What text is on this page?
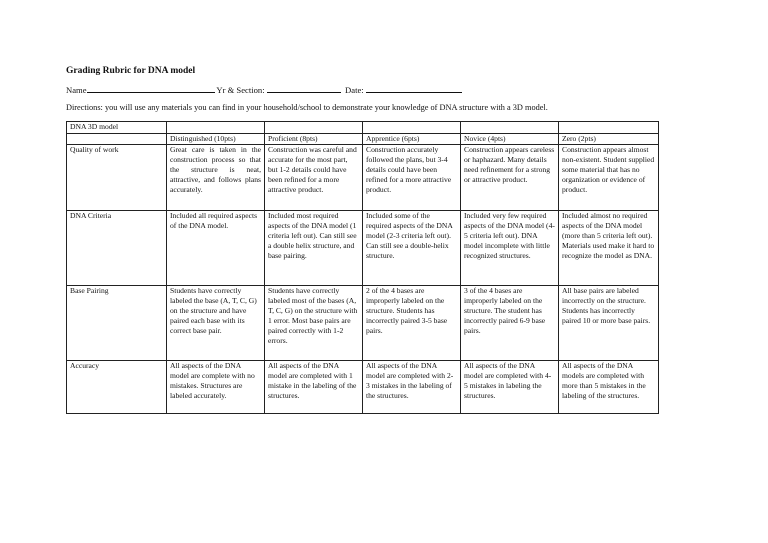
Grading Rubric for DNA model
Name	Yr & Section:	Date:
Directions: you will use any materials you can find in your household/school to demonstrate your knowledge of DNA structure with a 3D model.
DNA 3D model					
	Distinguished (10pts)	Proficient (8pts)	Apprentice (6pts)	Novice (4pts)	Zero (2pts)
Quality of work	Great care is taken in the construction process so that the structure is neat, attractive, and follows plans accurately.	Construction was careful and accurate for the most part, but 1-2 details could have been refined for a more attractive product.	Construction accurately followed the plans, but 3-4 details could have been refined for a more attractive product.	Construction appears careless or haphazard. Many details need refinement for a strong or attractive product.	Construction appears almost non-existent. Student supplied some material that has no organization or evidence of product.
DNA Criteria	Included all required aspects of the DNA model.	Included most required aspects of the DNA model (1 criteria left out). Can still see a double helix structure, and base pairing.	Included some of the required aspects of the DNA model (2-3 criteria left out). Can still see a double-helix structure.	Included very few required aspects of the DNA model (4-5 criteria left out). DNA model incomplete with little recognized structures.	Included almost no required aspects of the DNA model (more than 5 criteria left out). Materials used make it hard to recognize the model as DNA.
Base Pairing	Students have correctly labeled the base (A, T, C, G) on the structure and have paired each base with its correct base pair.	Students have correctly labeled most of the bases (A, T, C, G) on the structure with 1 error. Most base pairs are paired correctly with 1-2 errors.	2 of the 4 bases are improperly labeled on the structure. Students has incorrectly paired 3-5 base pairs.	3 of the 4 bases are improperly labeled on the structure. The student has incorrectly paired 6-9 base pairs.	All base pairs are labeled incorrectly on the structure. Students has incorrectly paired 10 or more base pairs.
Accuracy	All aspects of the DNA model are complete with no mistakes. Structures are labeled accurately.	All aspects of the DNA model are completed with 1 mistake in the labeling of the structures.	All aspects of the DNA model are completed with 2-3 mistakes in the labeling of the structures.	All aspects of the DNA model are completed with 4-5 mistakes in labeling the structures.	All aspects of the DNA models are completed with more than 5 mistakes in the labeling of the structures.
